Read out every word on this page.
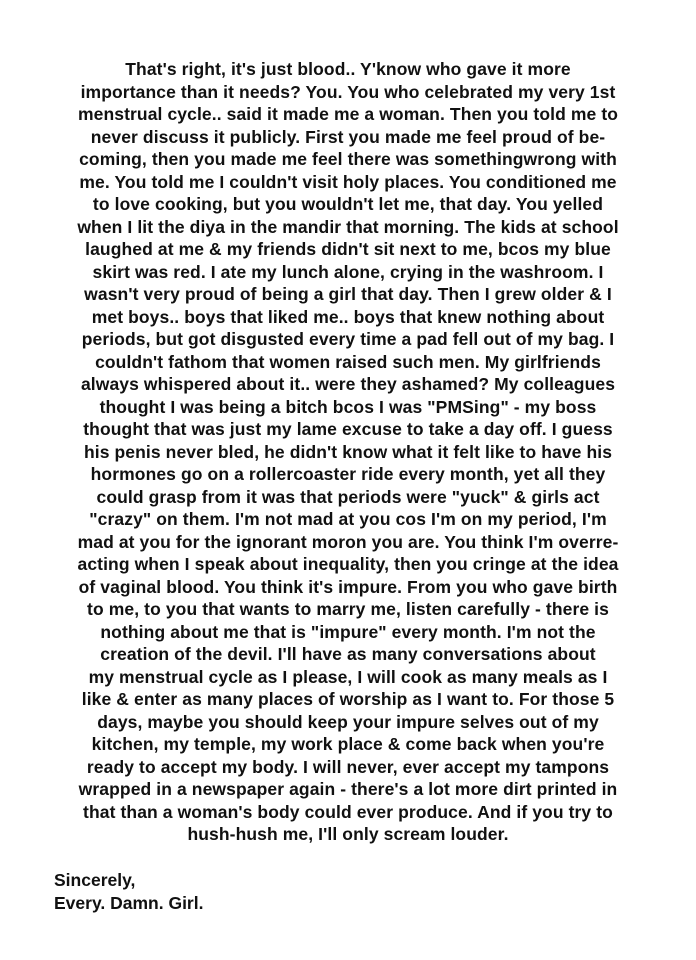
That's right, it's just blood.. Y'know who gave it more
importance than it needs? You. You who celebrated my very 1st
menstrual cycle.. said it made me a woman. Then you told me to
never discuss it publicly. First you made me feel proud of be-
coming, then you made me feel there was somethingwrong with
me. You told me I couldn't visit holy places. You conditioned me
to love cooking, but you wouldn't let me, that day. You yelled
when I lit the diya in the mandir that morning. The kids at school
laughed at me & my friends didn't sit next to me, bcos my blue
skirt was red. I ate my lunch alone, crying in the washroom. I
wasn't very proud of being a girl that day. Then I grew older & I
met boys.. boys that liked me.. boys that knew nothing about
periods, but got disgusted every time a pad fell out of my bag. I
couldn't fathom that women raised such men. My girlfriends
always whispered about it.. were they ashamed? My colleagues
thought I was being a bitch bcos I was "PMSing" - my boss
thought that was just my lame excuse to take a day off. I guess
his penis never bled, he didn't know what it felt like to have his
hormones go on a rollercoaster ride every month, yet all they
could grasp from it was that periods were "yuck" & girls act
"crazy" on them. I'm not mad at you cos I'm on my period, I'm
mad at you for the ignorant moron you are. You think I'm overre-
acting when I speak about inequality, then you cringe at the idea
of vaginal blood. You think it's impure. From you who gave birth
to me, to you that wants to marry me, listen carefully - there is
nothing about me that is "impure" every month. I'm not the
creation of the devil. I'll have as many conversations about
my menstrual cycle as I please, I will cook as many meals as I
like & enter as many places of worship as I want to. For those 5
days, maybe you should keep your impure selves out of my
kitchen, my temple, my work place & come back when you're
ready to accept my body. I will never, ever accept my tampons
wrapped in a newspaper again - there's a lot more dirt printed in
that than a woman's body could ever produce. And if you try to
hush-hush me, I'll only scream louder.
Sincerely,
Every. Damn. Girl.
